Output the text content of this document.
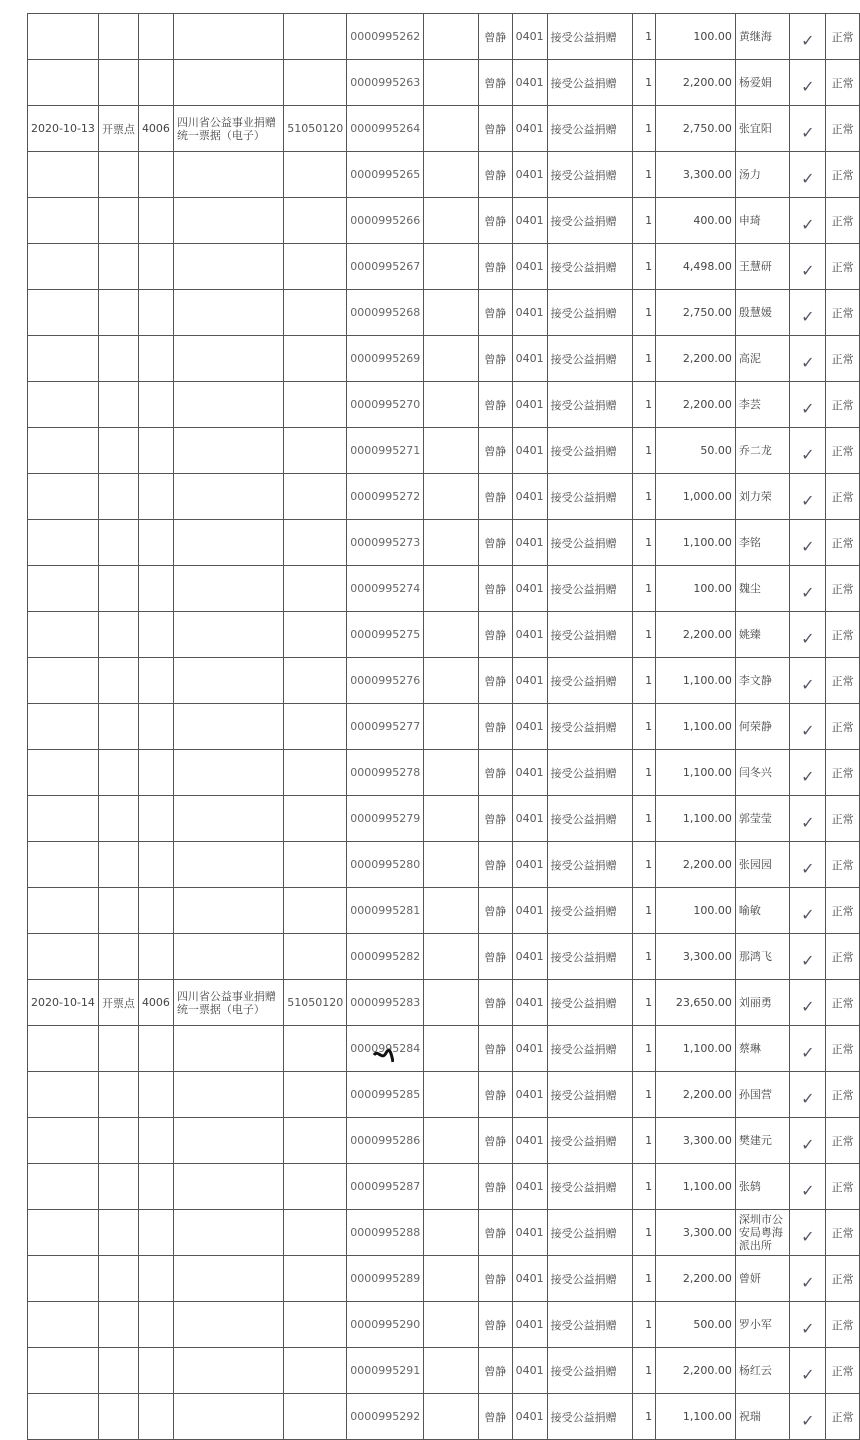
					0000995262		曾静	0401	接受公益捐赠	1	100.00	黄继海	✓	正常
					0000995263		曾静	0401	接受公益捐赠	1	2,200.00	杨爱娟	✓	正常
2020-10-13	开票点	4006	四川省公益事业捐赠统一票据（电子）	51050120	0000995264		曾静	0401	接受公益捐赠	1	2,750.00	张宜阳	✓	正常
					0000995265		曾静	0401	接受公益捐赠	1	3,300.00	汤力	✓	正常
					0000995266		曾静	0401	接受公益捐赠	1	400.00	申琦	✓	正常
					0000995267		曾静	0401	接受公益捐赠	1	4,498.00	王慧研	✓	正常
					0000995268		曾静	0401	接受公益捐赠	1	2,750.00	殷慧媛	✓	正常
					0000995269		曾静	0401	接受公益捐赠	1	2,200.00	高泥	✓	正常
					0000995270		曾静	0401	接受公益捐赠	1	2,200.00	李芸	✓	正常
					0000995271		曾静	0401	接受公益捐赠	1	50.00	乔二龙	✓	正常
					0000995272		曾静	0401	接受公益捐赠	1	1,000.00	刘力荣	✓	正常
					0000995273		曾静	0401	接受公益捐赠	1	1,100.00	李铭	✓	正常
					0000995274		曾静	0401	接受公益捐赠	1	100.00	魏尘	✓	正常
					0000995275		曾静	0401	接受公益捐赠	1	2,200.00	姚臻	✓	正常
					0000995276		曾静	0401	接受公益捐赠	1	1,100.00	李文静	✓	正常
					0000995277		曾静	0401	接受公益捐赠	1	1,100.00	何荣静	✓	正常
					0000995278		曾静	0401	接受公益捐赠	1	1,100.00	闫冬兴	✓	正常
					0000995279		曾静	0401	接受公益捐赠	1	1,100.00	郭莹莹	✓	正常
					0000995280		曾静	0401	接受公益捐赠	1	2,200.00	张园园	✓	正常
					0000995281		曾静	0401	接受公益捐赠	1	100.00	喻敏	✓	正常
					0000995282		曾静	0401	接受公益捐赠	1	3,300.00	那鸿飞	✓	正常
2020-10-14	开票点	4006	四川省公益事业捐赠统一票据（电子）	51050120	0000995283		曾静	0401	接受公益捐赠	1	23,650.00	刘丽勇	✓	正常
					0000995284		曾静	0401	接受公益捐赠	1	1,100.00	蔡琳	✓	正常
					0000995285		曾静	0401	接受公益捐赠	1	2,200.00	孙国营	✓	正常
					0000995286		曾静	0401	接受公益捐赠	1	3,300.00	樊建元	✓	正常
					0000995287		曾静	0401	接受公益捐赠	1	1,100.00	张鸫	✓	正常
					0000995288		曾静	0401	接受公益捐赠	1	3,300.00	深圳市公安局粤海派出所	✓	正常
					0000995289		曾静	0401	接受公益捐赠	1	2,200.00	曾妍	✓	正常
					0000995290		曾静	0401	接受公益捐赠	1	500.00	罗小军	✓	正常
					0000995291		曾静	0401	接受公益捐赠	1	2,200.00	杨红云	✓	正常
					0000995292		曾静	0401	接受公益捐赠	1	1,100.00	祝瑞	✓	正常
